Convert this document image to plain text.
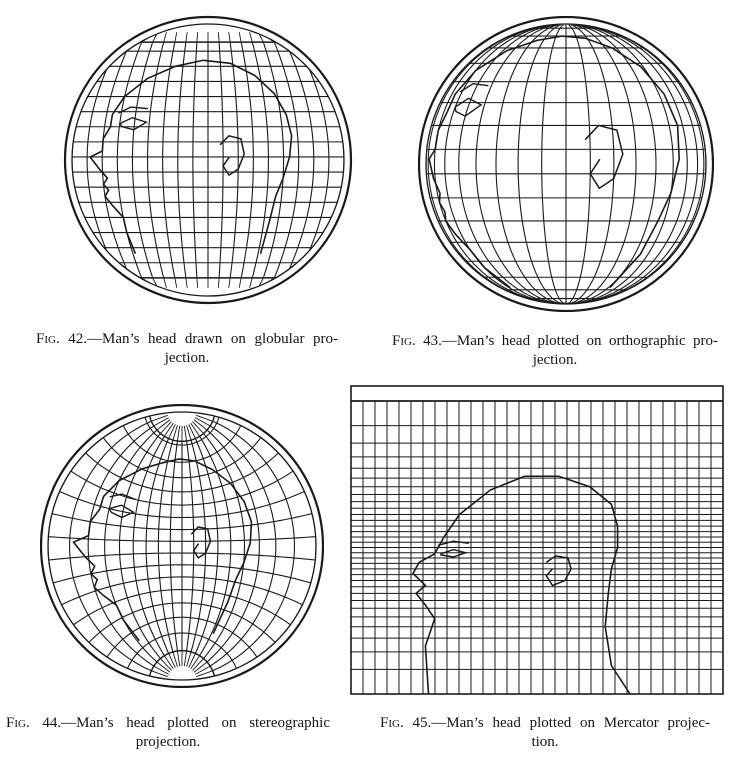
Fig. 42.—Man’s head drawn on globular pro-
jection.
Fig. 43.—Man’s head plotted on orthographic pro-
jection.
Fig. 44.—Man’s head plotted on stereographic
projection.
Fig. 45.—Man’s head plotted on Mercator projec-
tion.
